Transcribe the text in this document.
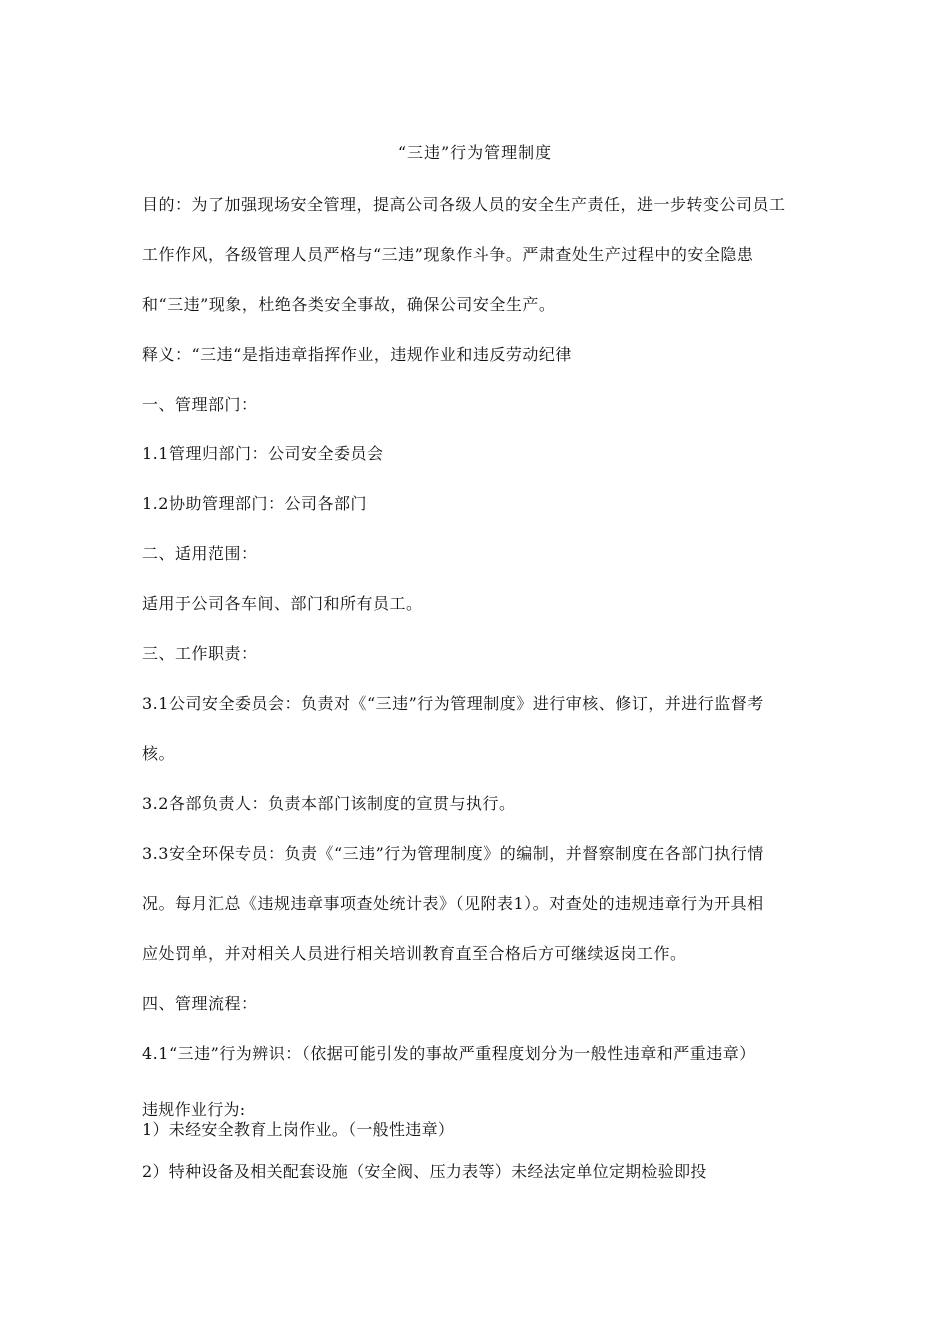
“三违”行为管理制度
目的：为了加强现场安全管理，提高公司各级人员的安全生产责任，进一步转变公司员工
工作作风，各级管理人员严格与“三违”现象作斗争。严肃查处生产过程中的安全隐患
和“三违”现象，杜绝各类安全事故，确保公司安全生产。
释义：“三违“是指违章指挥作业，违规作业和违反劳动纪律
一、管理部门：
1.1管理归部门：公司安全委员会
1.2协助管理部门：公司各部门
二、适用范围：
适用于公司各车间、部门和所有员工。
三、工作职责：
3.1公司安全委员会：负责对《“三违”行为管理制度》进行审核、修订，并进行监督考
核。
3.2各部负责人：负责本部门该制度的宣贯与执行。
3.3安全环保专员：负责《“三违”行为管理制度》的编制，并督察制度在各部门执行情
况。每月汇总《违规违章事项查处统计表》（见附表1）。对查处的违规违章行为开具相
应处罚单，并对相关人员进行相关培训教育直至合格后方可继续返岗工作。
四、管理流程：
4.1“三违”行为辨识：（依据可能引发的事故严重程度划分为一般性违章和严重违章）
违规作业行为:
1）未经安全教育上岗作业。（一般性违章）
2）特种设备及相关配套设施（安全阀、压力表等）未经法定单位定期检验即投
